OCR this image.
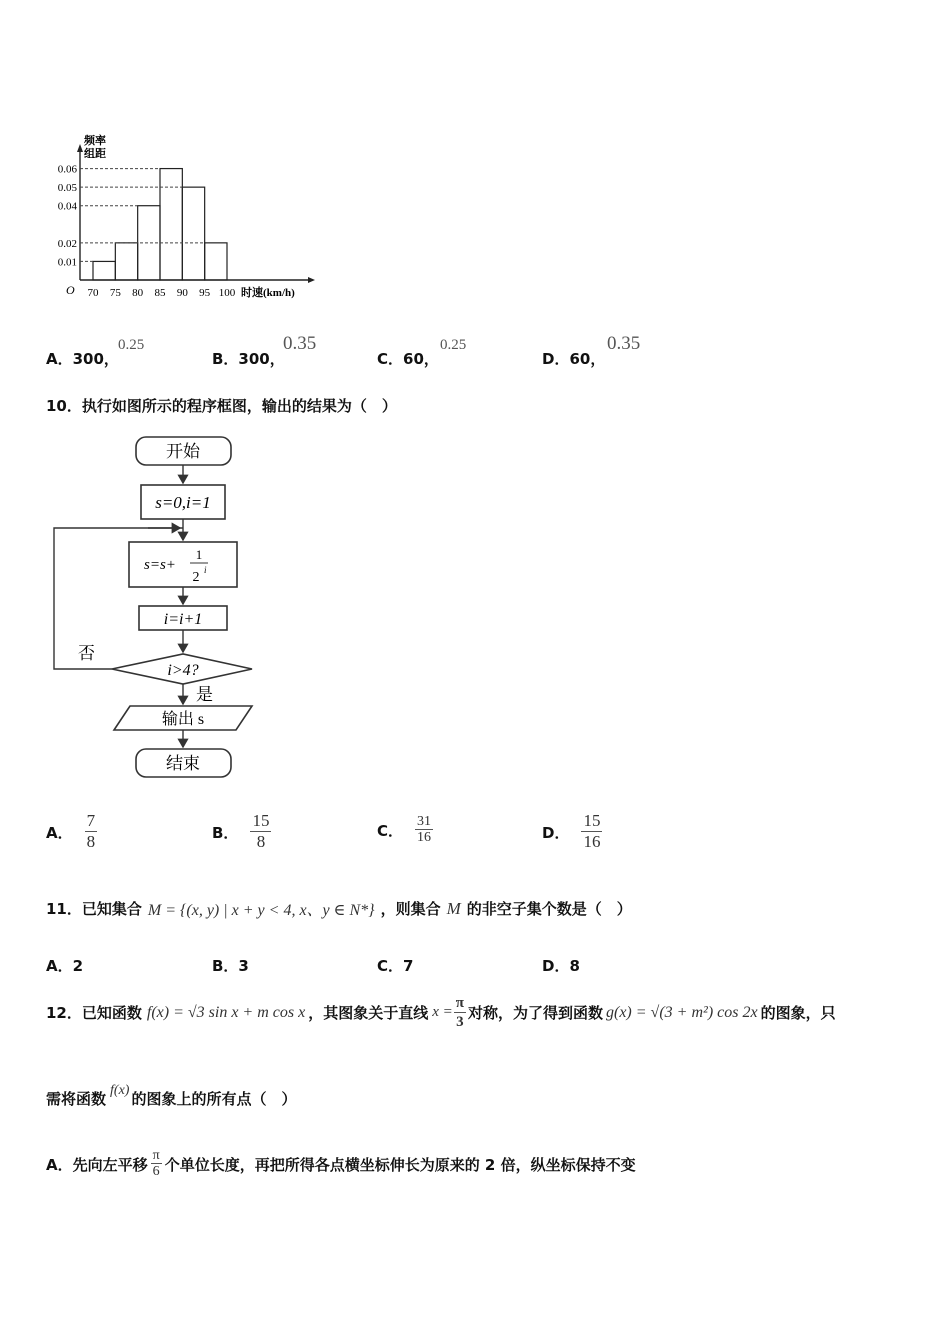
0.06
0.05
0.04
0.02
0.01
70 75 80 85 90 95 100
频率
组距
O	时速(km/h)
A．300，
0.25
B．300，
0.35
C．60，
0.25
D．60，
0.35
10．执行如图所示的程序框图，输出的结果为（　）
开始
s=0,i=1
s=s+
1
2 i
i=i+1
i>4?
否
是
输出 s
结束
A． $\frac{7}{8}$	B． $\frac{15}{8}$	C． $\frac{31}{16}$	D． $\frac{15}{16}$
11．已知集合 M = {(x, y) | x + y < 4, x、y ∈ N*} ，则集合 M 的非空子集个数是（　）
A．2	B．3	C．7	D．8
12．已知函数 f(x) = √3 sin x + m cos x ，其图象关于直线 $x = \frac{\pi}{3}$ 对称，为了得到函数 g(x) = √(3 + m²) cos 2x 的图象，只
需将函数 f(x) 的图象上的所有点（　）
A．先向左平移 $\frac{\pi}{6}$ 个单位长度，再把所得各点横坐标伸长为原来的 2 倍，纵坐标保持不变
